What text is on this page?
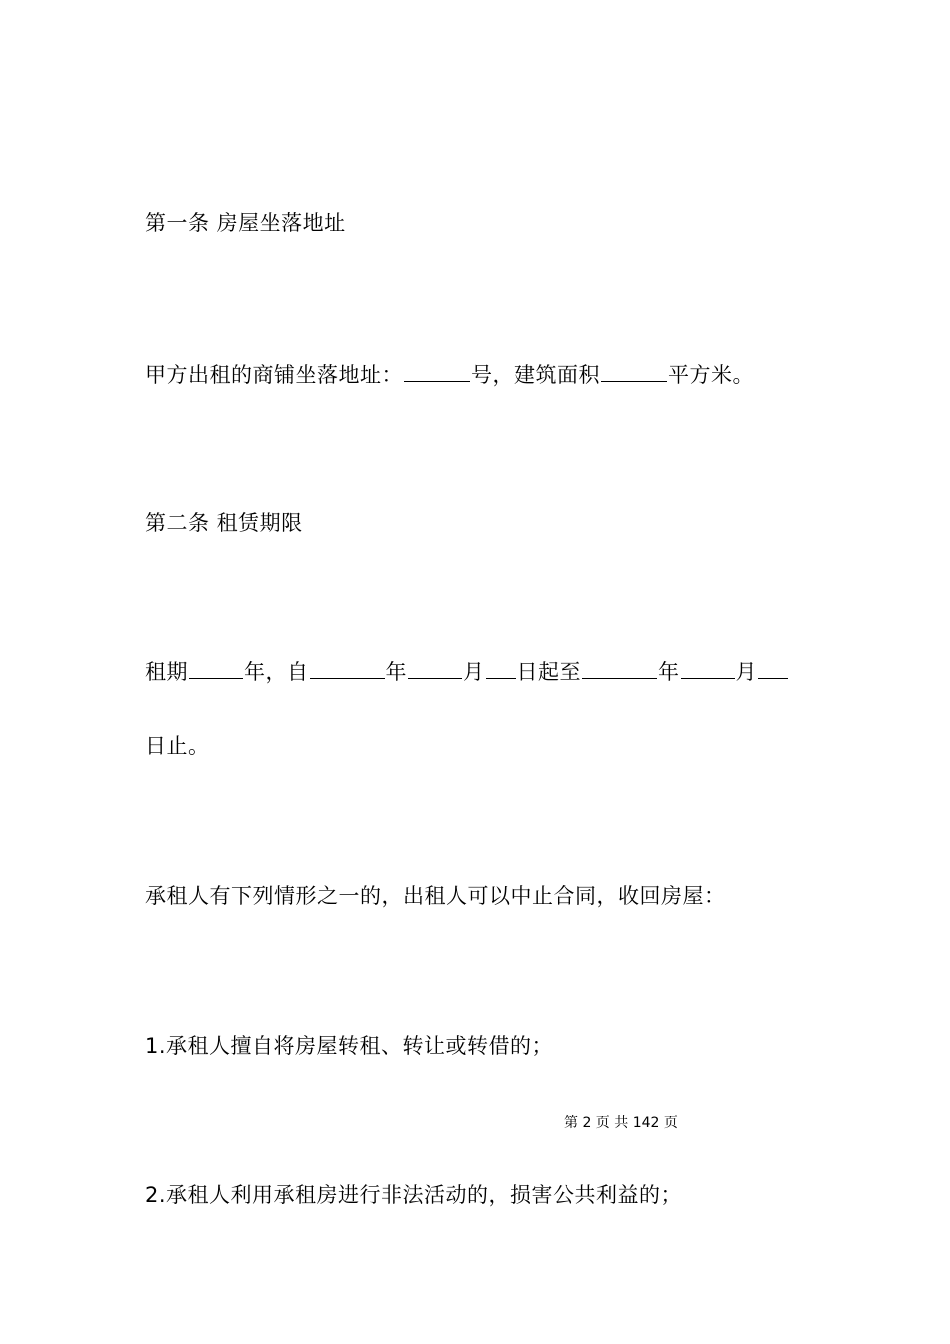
第一条 房屋坐落地址
甲方出租的商铺坐落地址：	号，建筑面积	平方米。
第二条 租赁期限
租期	年，自	年	月 日起至	年	月
日止。
承租人有下列情形之一的，出租人可以中止合同，收回房屋：
1.承租人擅自将房屋转租、转让或转借的；
第 2 页 共 142 页
2.承租人利用承租房进行非法活动的，损害公共利益的；
